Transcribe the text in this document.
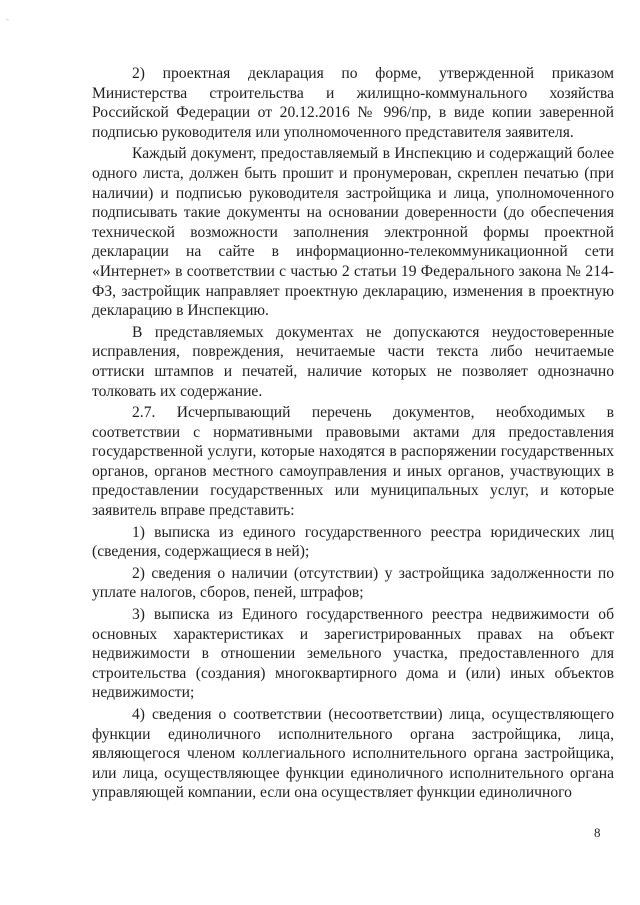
-

2) проектная декларация по форме, утвержденной приказом Министерства строительства и жилищно-коммунального хозяйства Российской Федерации от 20.12.2016 № 996/пр, в виде копии заверенной подписью руководителя или уполномоченного представителя заявителя.

Каждый документ, предоставляемый в Инспекцию и содержащий более одного листа, должен быть прошит и пронумерован, скреплен печатью (при наличии) и подписью руководителя застройщика и лица, уполномоченного подписывать такие документы на основании доверенности (до обеспечения технической возможности заполнения электронной формы проектной декларации на сайте в информационно-телекоммуникационной сети «Интернет» в соответствии с частью 2 статьи 19 Федерального закона № 214-ФЗ, застройщик направляет проектную декларацию, изменения в проектную декларацию в Инспекцию.

В представляемых документах не допускаются неудостоверенные исправления, повреждения, нечитаемые части текста либо нечитаемые оттиски штампов и печатей, наличие которых не позволяет однозначно толковать их содержание.

2.7. Исчерпывающий перечень документов, необходимых в соответствии с нормативными правовыми актами для предоставления государственной услуги, которые находятся в распоряжении государственных органов, органов местного самоуправления и иных органов, участвующих в предоставлении государственных или муниципальных услуг, и которые заявитель вправе представить:

1) выписка из единого государственного реестра юридических лиц (сведения, содержащиеся в ней);

2) сведения о наличии (отсутствии) у застройщика задолженности по уплате налогов, сборов, пеней, штрафов;

3) выписка из Единого государственного реестра недвижимости об основных характеристиках и зарегистрированных правах на объект недвижимости в отношении земельного участка, предоставленного для строительства (создания) многоквартирного дома и (или) иных объектов недвижимости;

4) сведения о соответствии (несоответствии) лица, осуществляющего функции единоличного исполнительного органа застройщика, лица, являющегося членом коллегиального исполнительного органа застройщика, или лица, осуществляющее функции единоличного исполнительного органа управляющей компании, если она осуществляет функции единоличного

8
